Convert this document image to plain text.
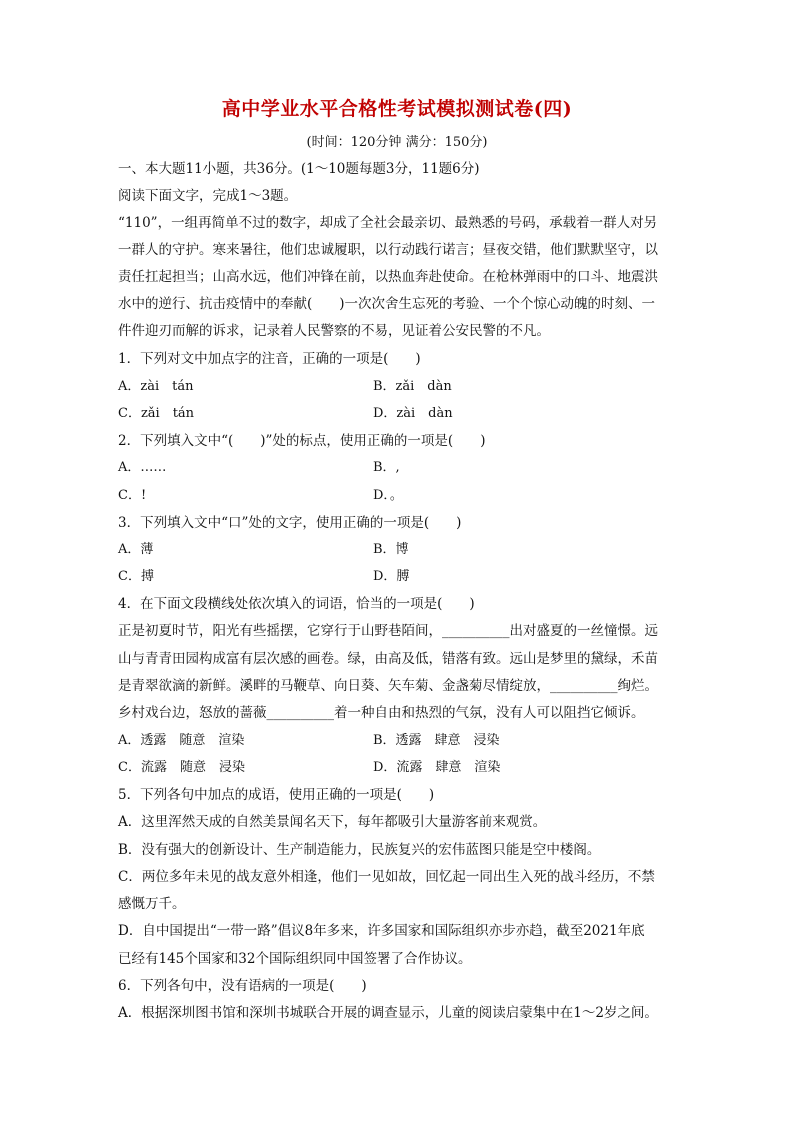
高中学业水平合格性考试模拟测试卷(四)
(时间：120分钟 满分：150分)
一、本大题11小题，共36分。(1～10题每题3分，11题6分)
阅读下面文字，完成1～3题。
“110”，一组再简单不过的数字，却成了全社会最亲切、最熟悉的号码，承载着一群人对另
一群人的守护。寒来暑往，他们忠诚履职，以行动践行诺言；昼夜交错，他们默默坚守，以
责任扛起担当；山高水远，他们冲锋在前，以热血奔赴使命。在枪林弹雨中的口斗、地震洪
水中的逆行、抗击疫情中的奉献(　　)一次次舍生忘死的考验、一个个惊心动魄的时刻、一
件件迎刃而解的诉求，记录着人民警察的不易，见证着公安民警的不凡。
1．下列对文中加点字的注音，正确的一项是(　　)
A．zài　tán	B．zǎi　dàn
C．zǎi　tán	D．zài　dàn
2．下列填入文中“(　　)”处的标点，使用正确的一项是(　　)
A．……	B．,
C．!	D．。
3．下列填入文中“口”处的文字，使用正确的一项是(　　)
A．薄	B．博
C．搏	D．膊
4．在下面文段横线处依次填入的词语，恰当的一项是(　　)
正是初夏时节，阳光有些摇摆，它穿行于山野巷陌间，__________出对盛夏的一丝憧憬。远
山与青青田园构成富有层次感的画卷。绿，由高及低，错落有致。远山是梦里的黛绿，禾苗
是青翠欲滴的新鲜。溪畔的马鞭草、向日葵、矢车菊、金盏菊尽情绽放，__________绚烂。
乡村戏台边，怒放的蔷薇__________着一种自由和热烈的气氛，没有人可以阻挡它倾诉。
A．透露　随意　渲染	B．透露　肆意　浸染
C．流露　随意　浸染	D．流露　肆意　渲染
5．下列各句中加点的成语，使用正确的一项是(　　)
A．这里浑然天成的自然美景闻名天下，每年都吸引大量游客前来观赏。
B．没有强大的创新设计、生产制造能力，民族复兴的宏伟蓝图只能是空中楼阁。
C．两位多年未见的战友意外相逢，他们一见如故，回忆起一同出生入死的战斗经历，不禁
感慨万千。
D．自中国提出“一带一路”倡议8年多来，许多国家和国际组织亦步亦趋，截至2021年底
已经有145个国家和32个国际组织同中国签署了合作协议。
6．下列各句中，没有语病的一项是(　　)
A．根据深圳图书馆和深圳书城联合开展的调查显示，儿童的阅读启蒙集中在1～2岁之间。
